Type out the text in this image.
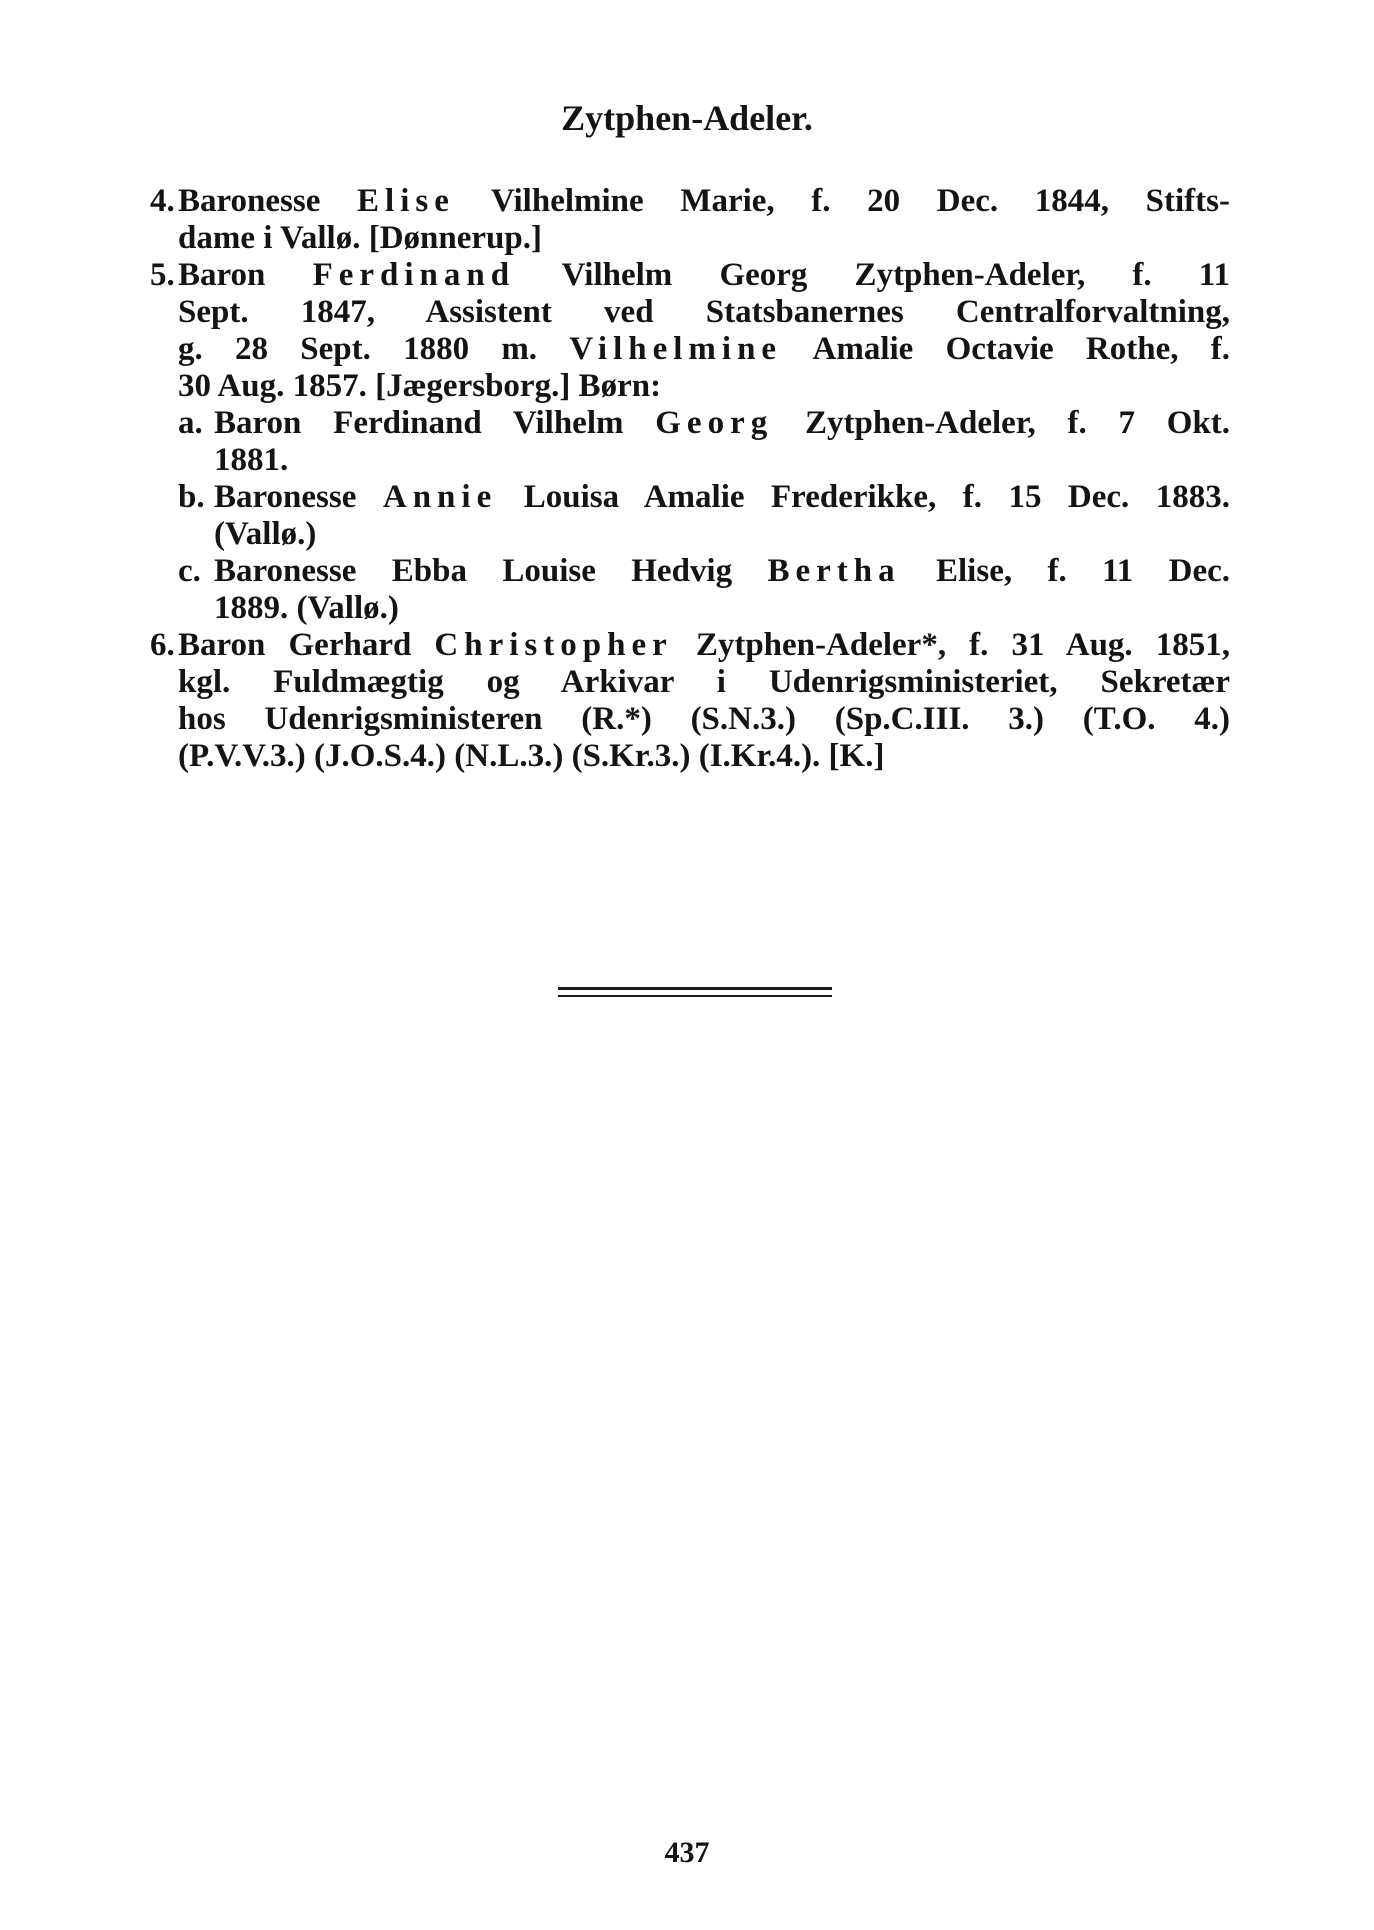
Zytphen-Adeler.
4.Baronesse Elise Vilhelmine Marie, f. 20 Dec. 1844, Stifts-
dame i Vallø. [Dønnerup.]
5.Baron Ferdinand Vilhelm Georg Zytphen-Adeler, f. 11
Sept. 1847, Assistent ved Statsbanernes Centralforvaltning,
g. 28 Sept. 1880 m. Vilhelmine Amalie Octavie Rothe, f.
30 Aug. 1857. [Jægersborg.] Børn:
a. Baron Ferdinand Vilhelm Georg Zytphen-Adeler, f. 7 Okt.
1881.
b. Baronesse Annie Louisa Amalie Frederikke, f. 15 Dec. 1883.
(Vallø.)
c. Baronesse Ebba Louise Hedvig Bertha Elise, f. 11 Dec.
1889. (Vallø.)
6.Baron Gerhard Christopher Zytphen-Adeler*, f. 31 Aug. 1851,
kgl. Fuldmægtig og Arkivar i Udenrigsministeriet, Sekretær
hos Udenrigsministeren (R.*) (S.N.3.) (Sp.C.III. 3.) (T.O. 4.)
(P.V.V.3.) (J.O.S.4.) (N.L.3.) (S.Kr.3.) (I.Kr.4.). [K.]
437
